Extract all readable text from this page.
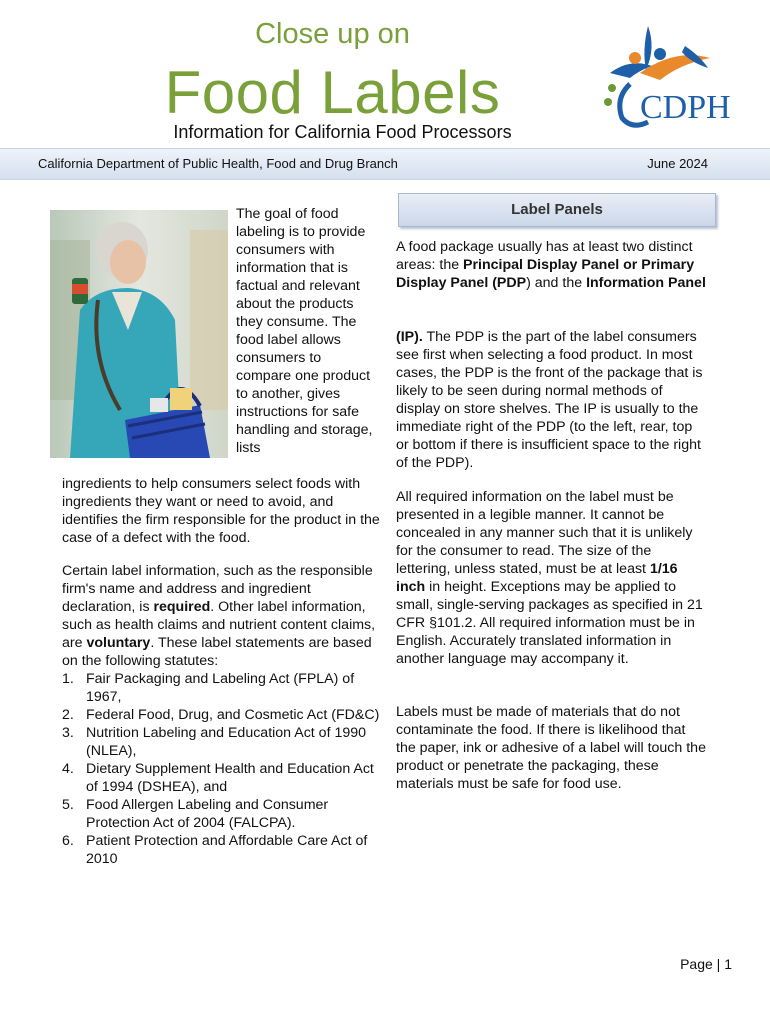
Close up on
Food Labels
Information for California Food Processors
CDPH
California Department of Public Health, Food and Drug Branch	June 2024
The goal of food labeling is to provide consumers with information that is factual and relevant about the products they consume. The food label allows consumers to compare one product to another, gives instructions for safe handling and storage, lists
ingredients to help consumers select foods with ingredients they want or need to avoid, and identifies the firm responsible for the product in the case of a defect with the food.
Certain label information, such as the responsible firm's name and address and ingredient declaration, is required. Other label information, such as health claims and nutrient content claims, are voluntary. These label statements are based on the following statutes:
1. Fair Packaging and Labeling Act (FPLA) of 1967,
2. Federal Food, Drug, and Cosmetic Act (FD&C)
3. Nutrition Labeling and Education Act of 1990 (NLEA),
4. Dietary Supplement Health and Education Act of 1994 (DSHEA), and
5. Food Allergen Labeling and Consumer Protection Act of 2004 (FALCPA).
6. Patient Protection and Affordable Care Act of 2010
Label Panels
A food package usually has at least two distinct areas: the Principal Display Panel or Primary Display Panel (PDP) and the Information Panel
(IP). The PDP is the part of the label consumers see first when selecting a food product. In most cases, the PDP is the front of the package that is likely to be seen during normal methods of display on store shelves. The IP is usually to the immediate right of the PDP (to the left, rear, top or bottom if there is insufficient space to the right of the PDP).
All required information on the label must be presented in a legible manner. It cannot be concealed in any manner such that it is unlikely for the consumer to read. The size of the lettering, unless stated, must be at least 1/16 inch in height. Exceptions may be applied to small, single-serving packages as specified in 21 CFR §101.2. All required information must be in English. Accurately translated information in another language may accompany it.
Labels must be made of materials that do not contaminate the food. If there is likelihood that the paper, ink or adhesive of a label will touch the product or penetrate the packaging, these materials must be safe for food use.
Page | 1
